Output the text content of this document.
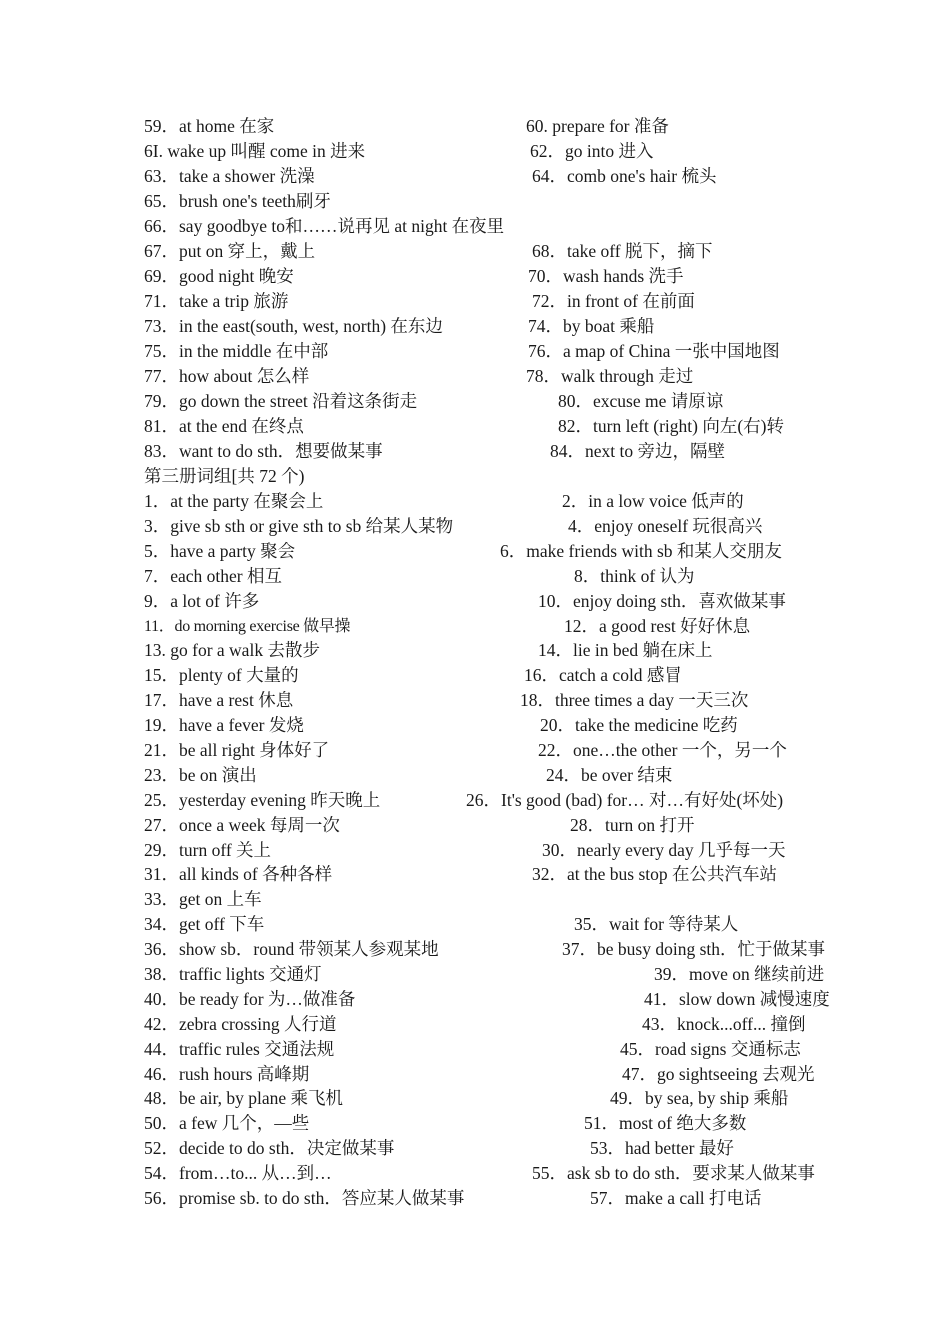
59．at home 在家	60. prepare for 准备
6I. wake up 叫醒 come in 进来	62．go into 进入
63．take a shower 洗澡	64．comb one's hair 梳头
65．brush one's teeth刷牙
66．say goodbye to和……说再见 at night 在夜里
67．put on 穿上，戴上	68．take off 脱下，摘下
69．good night 晚安	70．wash hands 洗手
71．take a trip 旅游	72．in front of 在前面
73．in the east(south, west, north) 在东边	74．by boat 乘船
75．in the middle 在中部	76．a map of China 一张中国地图
77．how about 怎么样	78．walk through 走过
79．go down the street 沿着这条街走	80．excuse me 请原谅
81．at the end 在终点	82．turn left (right) 向左(右)转
83．want to do sth．想要做某事	84．next to 旁边，隔壁
第三册词组[共 72 个)
1．at the party 在聚会上	2．in a low voice 低声的
3．give sb sth or give sth to sb 给某人某物	4．enjoy oneself 玩很高兴
5．have a party 聚会	6．make friends with sb 和某人交朋友
7．each other 相互	8．think of 认为
9．a lot of 许多	10．enjoy doing sth．喜欢做某事
11．do morning exercise 做早操	12．a good rest 好好休息
13. go for a walk 去散步	14．lie in bed 躺在床上
15．plenty of 大量的	16．catch a cold 感冒
17．have a rest 休息	18．three times a day 一天三次
19．have a fever 发烧	20．take the medicine 吃药
21．be all right 身体好了	22．one…the other 一个，另一个
23．be on 演出	24．be over 结束
25．yesterday evening 昨天晚上	26．It's good (bad) for… 对…有好处(坏处)
27．once a week 每周一次	28．turn on 打开
29．turn off 关上	30．nearly every day 几乎每一天
31．all kinds of 各种各样	32．at the bus stop 在公共汽车站
33．get on 上车
34．get off 下车	35．wait for 等待某人
36．show sb．round 带领某人参观某地	37．be busy doing sth．忙于做某事
38．traffic lights 交通灯	39．move on 继续前进
40．be ready for 为…做准备	41．slow down 减慢速度
42．zebra crossing 人行道	43．knock...off... 撞倒
44．traffic rules 交通法规	45．road signs 交通标志
46．rush hours 高峰期	47．go sightseeing 去观光
48．be air, by plane 乘飞机	49．by sea, by ship 乘船
50．a few 几个，—些	51．most of 绝大多数
52．decide to do sth．决定做某事	53．had better 最好
54．from…to... 从…到…	55．ask sb to do sth．要求某人做某事
56．promise sb. to do sth．答应某人做某事	57．make a call 打电话
